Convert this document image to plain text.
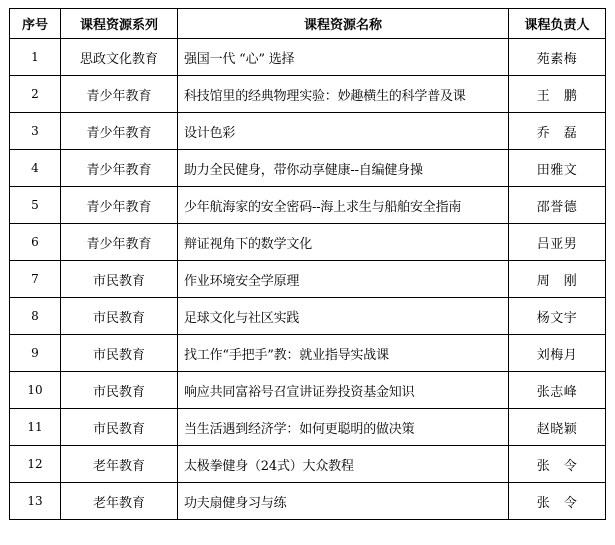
序号	课程资源系列	课程资源名称	课程负责人
1	思政文化教育	强国一代 “心” 选择	苑素梅
2	青少年教育	科技馆里的经典物理实验：妙趣横生的科学普及课	王　鹏
3	青少年教育	设计色彩	乔　磊
4	青少年教育	助力全民健身，带你动享健康--自编健身操	田雅文
5	青少年教育	少年航海家的安全密码--海上求生与船舶安全指南	邵誉德
6	青少年教育	辩证视角下的数学文化	吕亚男
7	市民教育	作业环境安全学原理	周　刚
8	市民教育	足球文化与社区实践	杨文宇
9	市民教育	找工作“手把手”教：就业指导实战课	刘梅月
10	市民教育	响应共同富裕号召宣讲证券投资基金知识	张志峰
11	市民教育	当生活遇到经济学：如何更聪明的做决策	赵晓颖
12	老年教育	太极拳健身（24式）大众教程	张　令
13	老年教育	功夫扇健身习与练	张　令
